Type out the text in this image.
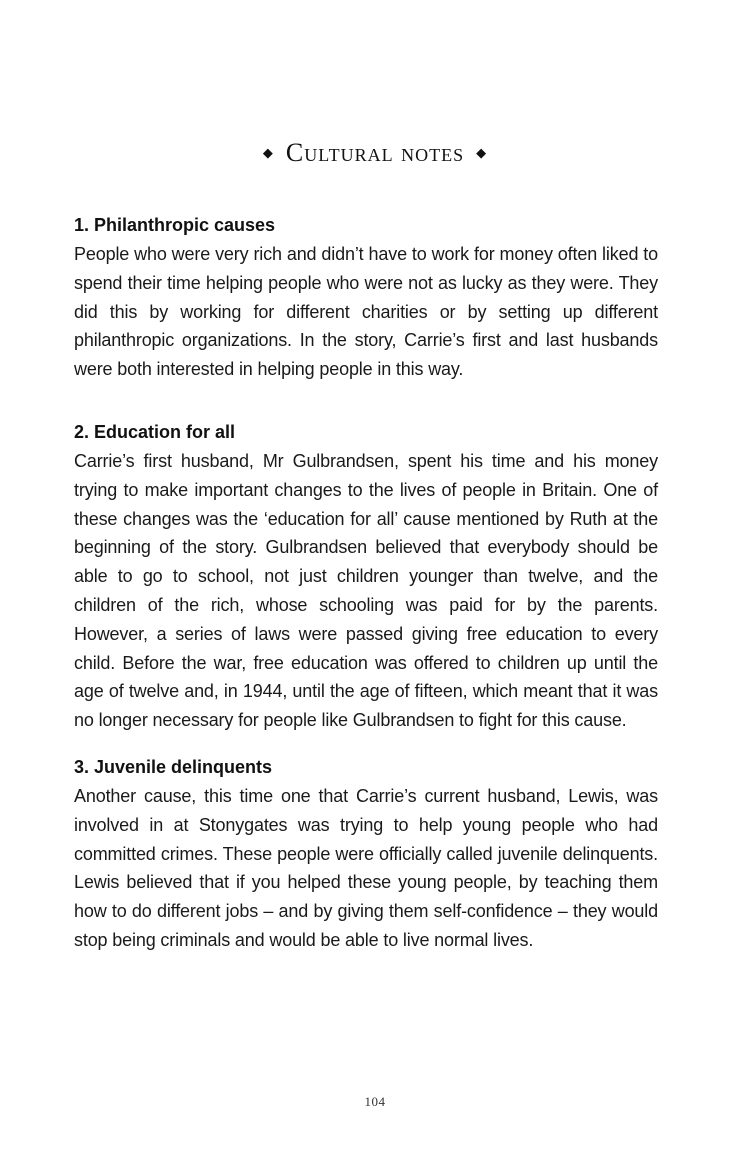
◆ Cultural notes ◆

1. Philanthropic causes

People who were very rich and didn’t have to work for money often liked to spend their time helping people who were not as lucky as they were. They did this by working for different charities or by setting up different philanthropic organizations. In the story, Carrie’s first and last husbands were both interested in helping people in this way.

2. Education for all

Carrie’s first husband, Mr Gulbrandsen, spent his time and his money trying to make important changes to the lives of people in Britain. One of these changes was the ‘education for all’ cause mentioned by Ruth at the beginning of the story. Gulbrandsen believed that everybody should be able to go to school, not just children younger than twelve, and the children of the rich, whose schooling was paid for by the parents. However, a series of laws were passed giving free education to every child. Before the war, free education was offered to children up until the age of twelve and, in 1944, until the age of fifteen, which meant that it was no longer necessary for people like Gulbrandsen to fight for this cause.

3. Juvenile delinquents

Another cause, this time one that Carrie’s current husband, Lewis, was involved in at Stonygates was trying to help young people who had committed crimes. These people were officially called juvenile delinquents. Lewis believed that if you helped these young people, by teaching them how to do different jobs – and by giving them self-confidence – they would stop being criminals and would be able to live normal lives.

104
